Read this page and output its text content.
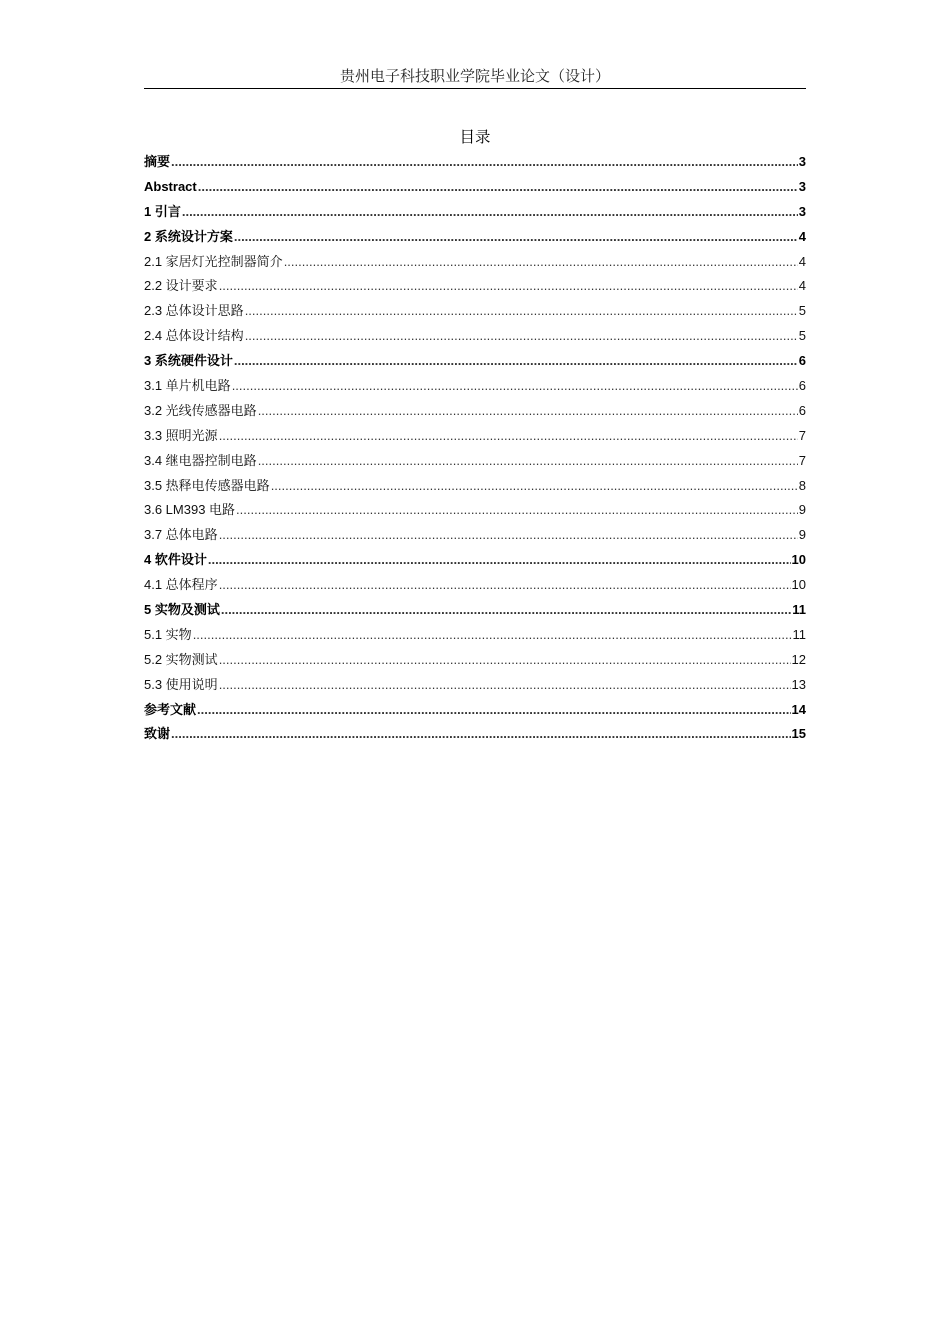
贵州电子科技职业学院毕业论文（设计）
目录
摘要 .....	3
Abstract .....	3
1 引言 .....	3
2 系统设计方案 .....	4
2.1 家居灯光控制器简介 .....	4
2.2 设计要求 .....	4
2.3 总体设计思路 .....	5
2.4 总体设计结构 .....	5
3 系统硬件设计 .....	6
3.1 单片机电路 .....	6
3.2 光线传感器电路 .....	6
3.3 照明光源 .....	7
3.4 继电器控制电路 .....	7
3.5 热释电传感器电路 .....	8
3.6 LM393 电路 .....	9
3.7 总体电路 .....	9
4 软件设计 .....	10
4.1 总体程序 .....	10
5 实物及测试 .....	11
5.1 实物 .....	11
5.2 实物测试 .....	12
5.3 使用说明 .....	13
参考文献 .....	14
致谢 .....	15
